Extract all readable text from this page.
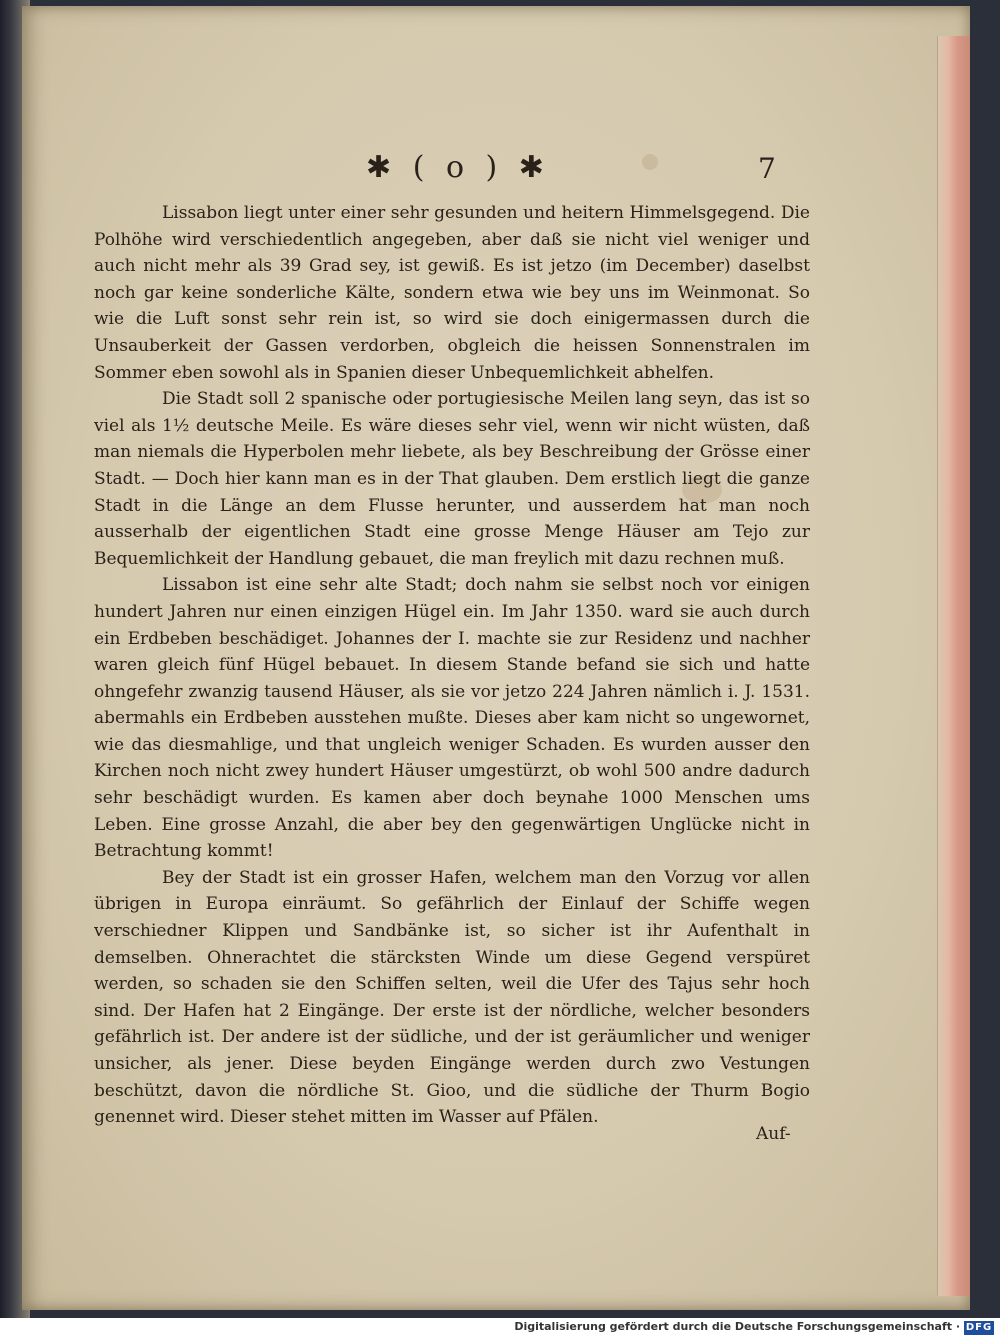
✱ ( o ) ✱	7

Lissabon liegt unter einer sehr gesunden und heitern Himmelsgegend. Die Polhöhe wird verschiedentlich angegeben, aber daß sie nicht viel weniger und auch nicht mehr als 39 Grad sey, ist gewiß. Es ist jetzo (im December) daselbst noch gar keine sonderliche Kälte, sondern etwa wie bey uns im Weinmonat. So wie die Luft sonst sehr rein ist, so wird sie doch einigermassen durch die Unsauberkeit der Gassen verdorben, obgleich die heissen Sonnenstralen im Sommer eben sowohl als in Spanien dieser Unbequemlichkeit abhelfen.

Die Stadt soll 2 spanische oder portugiesische Meilen lang seyn, das ist so viel als 1½ deutsche Meile. Es wäre dieses sehr viel, wenn wir nicht wüsten, daß man niemals die Hyperbolen mehr liebete, als bey Beschreibung der Grösse einer Stadt. — Doch hier kann man es in der That glauben. Dem erstlich liegt die ganze Stadt in die Länge an dem Flusse herunter, und ausserdem hat man noch ausserhalb der eigentlichen Stadt eine grosse Menge Häuser am Tejo zur Bequemlichkeit der Handlung gebauet, die man freylich mit dazu rechnen muß.

Lissabon ist eine sehr alte Stadt; doch nahm sie selbst noch vor einigen hundert Jahren nur einen einzigen Hügel ein. Im Jahr 1350. ward sie auch durch ein Erdbeben beschädiget. Johannes der I. machte sie zur Residenz und nachher waren gleich fünf Hügel bebauet. In diesem Stande befand sie sich und hatte ohngefehr zwanzig tausend Häuser, als sie vor jetzo 224 Jahren nämlich i. J. 1531. abermahls ein Erdbeben ausstehen mußte. Dieses aber kam nicht so ungewornet, wie das diesmahlige, und that ungleich weniger Schaden. Es wurden ausser den Kirchen noch nicht zwey hundert Häuser umgestürzt, ob wohl 500 andre dadurch sehr beschädigt wurden. Es kamen aber doch beynahe 1000 Menschen ums Leben. Eine grosse Anzahl, die aber bey den gegenwärtigen Unglücke nicht in Betrachtung kommt!

Bey der Stadt ist ein grosser Hafen, welchem man den Vorzug vor allen übrigen in Europa einräumt. So gefährlich der Einlauf der Schiffe wegen verschiedner Klippen und Sandbänke ist, so sicher ist ihr Aufenthalt in demselben. Ohnerachtet die stärcksten Winde um diese Gegend verspüret werden, so schaden sie den Schiffen selten, weil die Ufer des Tajus sehr hoch sind. Der Hafen hat 2 Eingänge. Der erste ist der nördliche, welcher besonders gefährlich ist. Der andere ist der südliche, und der ist geräumlicher und weniger unsicher, als jener. Diese beyden Eingänge werden durch zwo Vestungen beschützt, davon die nördliche St. Gioo, und die südliche der Thurm Bogio genennet wird. Dieser stehet mitten im Wasser auf Pfälen.

Auf-
Digitalisierung gefördert durch die Deutsche Forschungsgemeinschaft · DFG
